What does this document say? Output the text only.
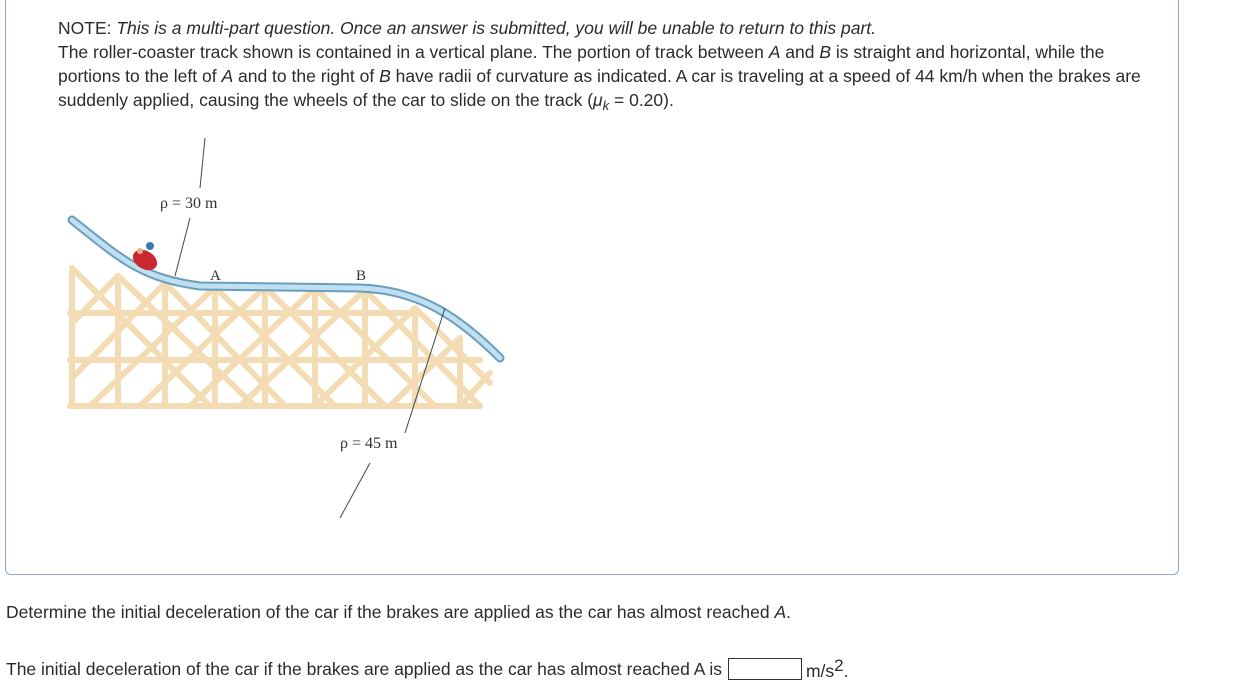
NOTE: This is a multi-part question. Once an answer is submitted, you will be unable to return to this part.
The roller-coaster track shown is contained in a vertical plane. The portion of track between A and B is straight and horizontal, while the portions to the left of A and to the right of B have radii of curvature as indicated. A car is traveling at a speed of 44 km/h when the brakes are suddenly applied, causing the wheels of the car to slide on the track $(\mu_k = 0.20)$.
ρ = 30 m
ρ = 45 m
A	B
Determine the initial deceleration of the car if the brakes are applied as the car has almost reached A.
The initial deceleration of the car if the brakes are applied as the car has almost reached A is	$m/s^2$.
